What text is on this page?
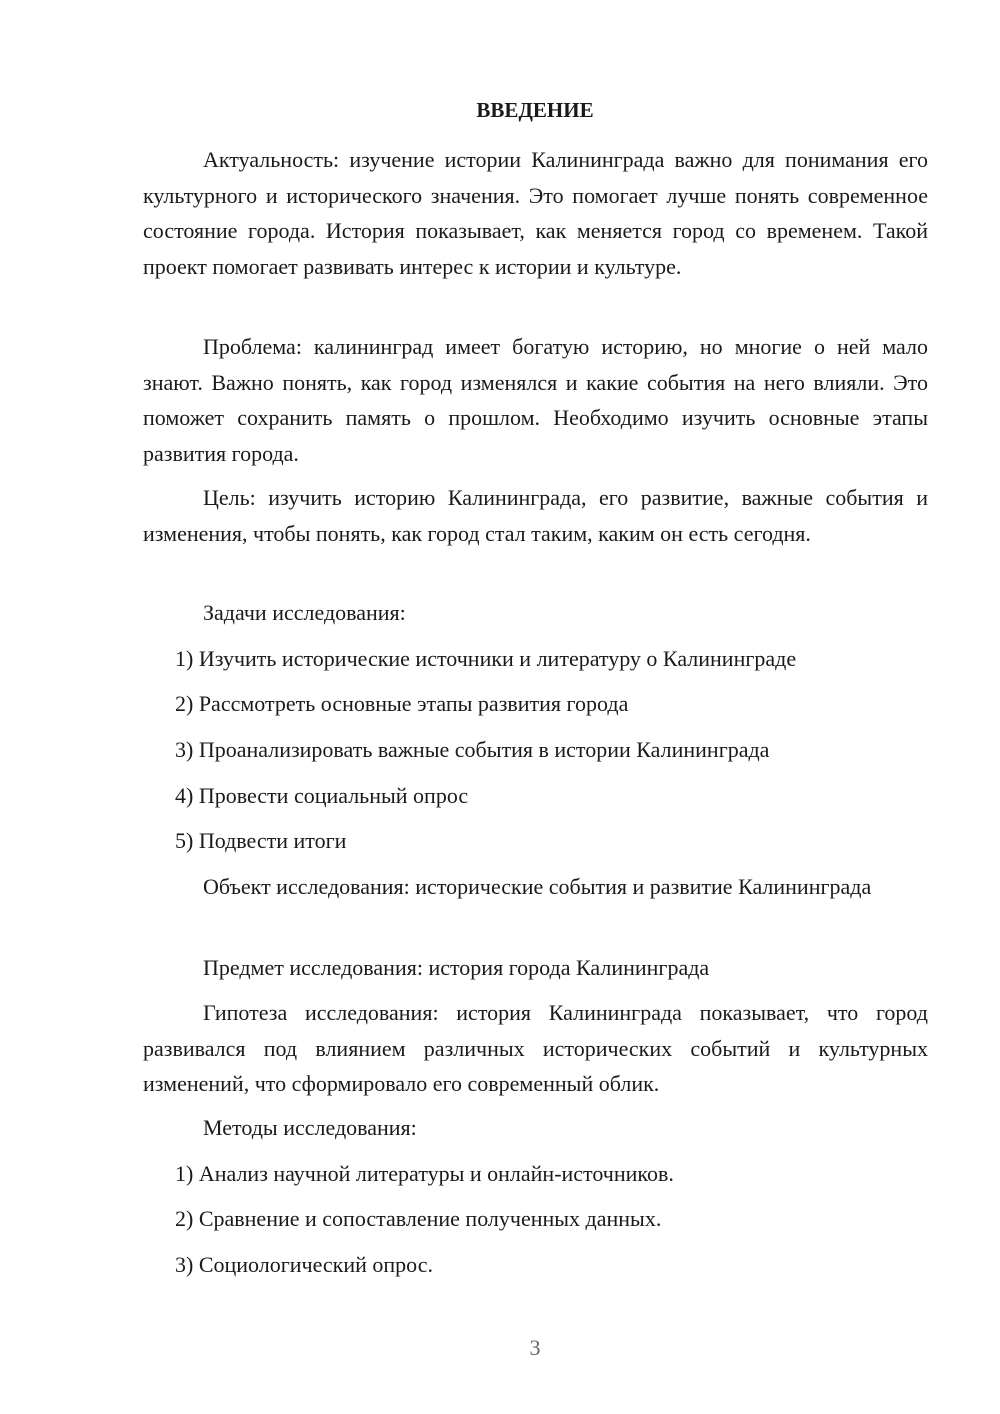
ВВЕДЕНИЕ

Актуальность: изучение истории Калининграда важно для понимания его культурного и исторического значения. Это помогает лучше понять современное состояние города. История показывает, как меняется город со временем. Такой проект помогает развивать интерес к истории и культуре.

Проблема: калининград имеет богатую историю, но многие о ней мало знают. Важно понять, как город изменялся и какие события на него влияли. Это поможет сохранить память о прошлом. Необходимо изучить основные этапы развития города.

Цель: изучить историю Калининграда, его развитие, важные события и изменения, чтобы понять, как город стал таким, каким он есть сегодня.

Задачи исследования:

1) Изучить исторические источники и литературу о Калининграде

2) Рассмотреть основные этапы развития города

3) Проанализировать важные события в истории Калининграда

4) Провести социальный опрос

5) Подвести итоги

Объект исследования: исторические события и развитие Калининграда

Предмет исследования: история города Калининграда

Гипотеза исследования: история Калининграда показывает, что город развивался под влиянием различных исторических событий и культурных изменений, что сформировало его современный облик.

Методы исследования:

1) Анализ научной литературы и онлайн-источников.

2) Сравнение и сопоставление полученных данных.

3) Социологический опрос.

3
